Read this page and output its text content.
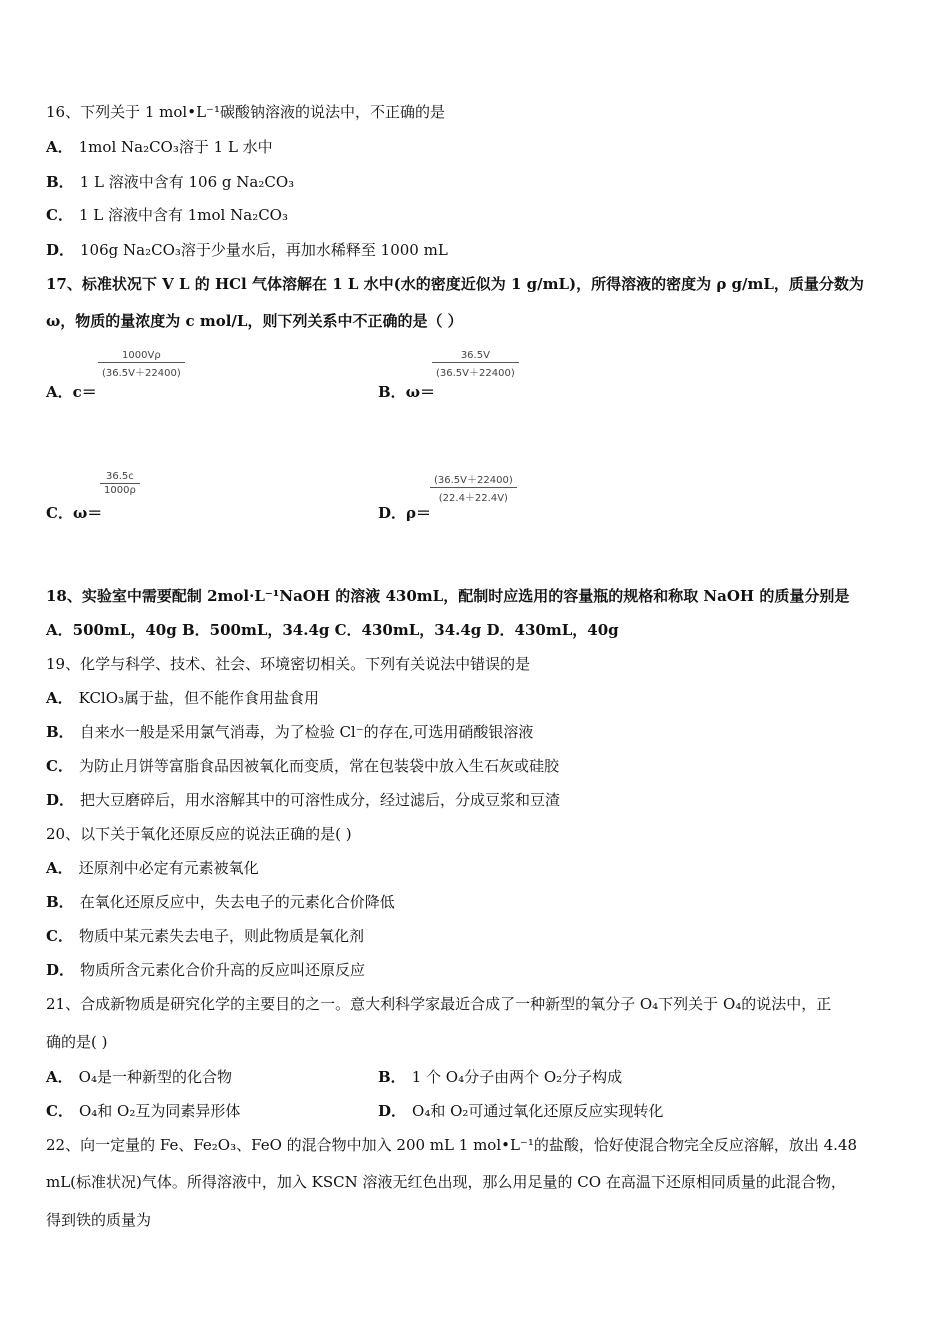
16、下列关于 1 mol•L⁻¹碳酸钠溶液的说法中，不正确的是
A． 1mol Na₂CO₃溶于 1 L 水中
B． 1 L 溶液中含有 106 g Na₂CO₃
C． 1 L 溶液中含有 1mol Na₂CO₃
D． 106g Na₂CO₃溶于少量水后，再加水稀释至 1000 mL
17、标准状况下 V L 的 HCl 气体溶解在 1 L 水中(水的密度近似为 1 g/mL)，所得溶液的密度为 ρ g/mL，质量分数为
ω，物质的量浓度为 c mol/L，则下列关系中不正确的是（ ）
1000Vρ
(36.5V＋22400)
A．c＝
36.5V
(36.5V＋22400)
B．ω＝
36.5c
1000ρ
C．ω＝
(36.5V＋22400)
(22.4＋22.4V)
D．ρ＝
18、实验室中需要配制 2mol·L⁻¹NaOH 的溶液 430mL，配制时应选用的容量瓶的规格和称取 NaOH 的质量分别是
A．500mL，40g B．500mL，34.4g C．430mL，34.4g D．430mL，40g
19、化学与科学、技术、社会、环境密切相关。下列有关说法中错误的是
A． KClO₃属于盐，但不能作食用盐食用
B． 自来水一般是采用氯气消毒，为了检验 Cl⁻的存在,可选用硝酸银溶液
C． 为防止月饼等富脂食品因被氧化而变质，常在包装袋中放入生石灰或硅胶
D． 把大豆磨碎后，用水溶解其中的可溶性成分，经过滤后，分成豆浆和豆渣
20、以下关于氧化还原反应的说法正确的是( )
A． 还原剂中必定有元素被氧化
B． 在氧化还原反应中，失去电子的元素化合价降低
C． 物质中某元素失去电子，则此物质是氧化剂
D． 物质所含元素化合价升高的反应叫还原反应
21、合成新物质是研究化学的主要目的之一。意大利科学家最近合成了一种新型的氧分子 O₄下列关于 O₄的说法中，正
确的是( )
A． O₄是一种新型的化合物	B． 1 个 O₄分子由两个 O₂分子构成
C． O₄和 O₂互为同素异形体	D． O₄和 O₂可通过氧化还原反应实现转化
22、向一定量的 Fe、Fe₂O₃、FeO 的混合物中加入 200 mL 1 mol•L⁻¹的盐酸，恰好使混合物完全反应溶解，放出 4.48
mL(标准状况)气体。所得溶液中，加入 KSCN 溶液无红色出现，那么用足量的 CO 在高温下还原相同质量的此混合物，
得到铁的质量为
